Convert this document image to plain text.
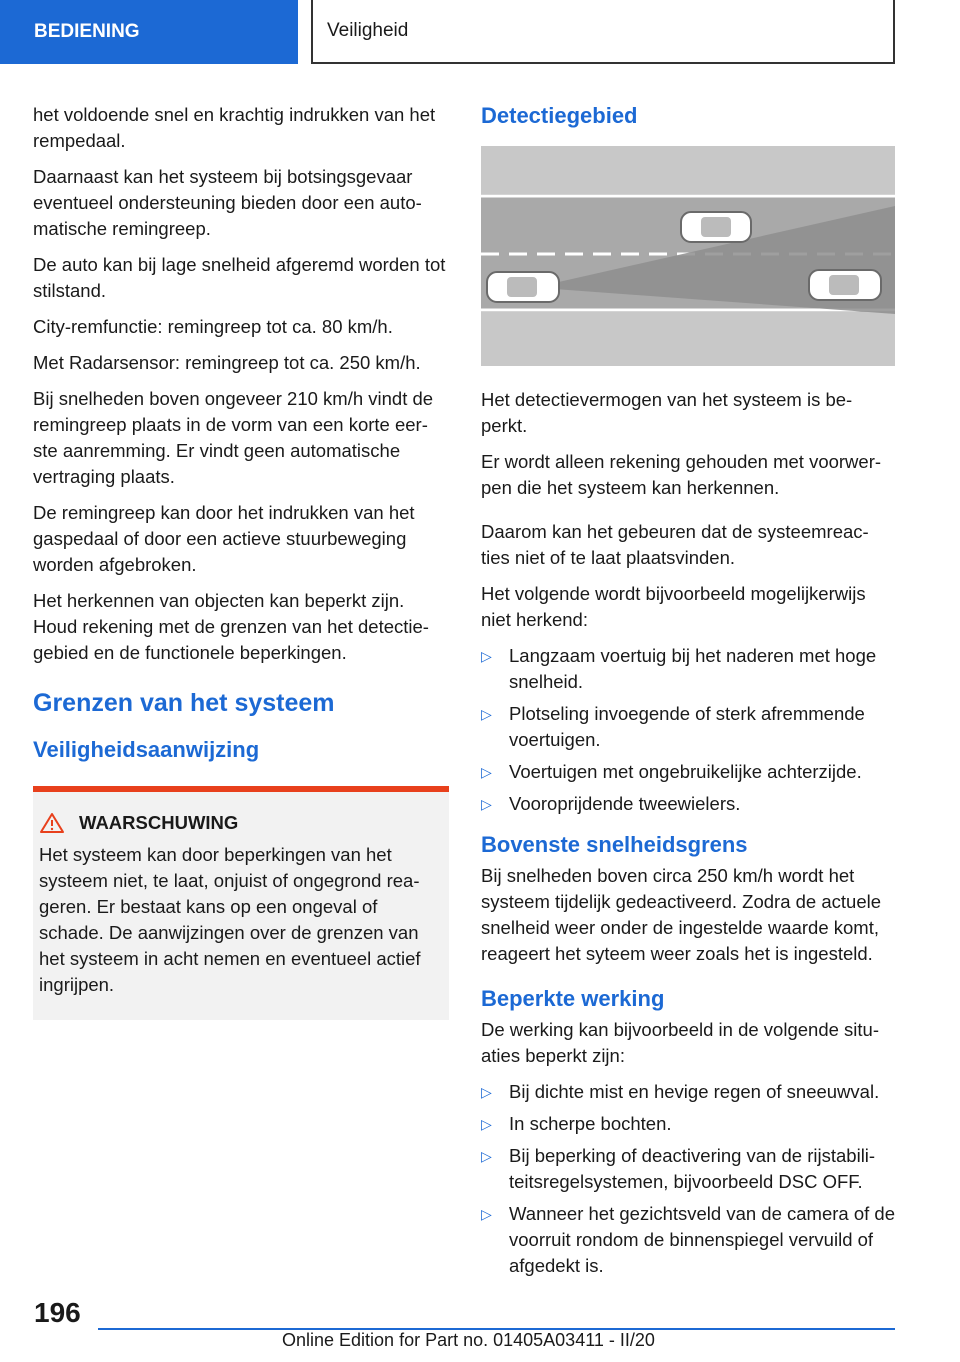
BEDIENING	Veiligheid

het voldoende snel en krachtig indrukken van het rempedaal.

Daarnaast kan het systeem bij botsingsgevaar eventueel ondersteuning bieden door een auto‐matische remingreep.

De auto kan bij lage snelheid afgeremd worden tot stilstand.

City-remfunctie: remingreep tot ca. 80 km/h.

Met Radarsensor: remingreep tot ca. 250 km/h.

Bij snelheden boven ongeveer 210 km/h vindt de remingreep plaats in de vorm van een korte eer‐ste aanremming. Er vindt geen automatische vertraging plaats.

De remingreep kan door het indrukken van het gaspedaal of door een actieve stuurbeweging worden afgebroken.

Het herkennen van objecten kan beperkt zijn. Houd rekening met de grenzen van het detectie‐gebied en de functionele beperkingen.

Grenzen van het systeem
Veiligheidsaanwijzing
WAARSCHUWING
Het systeem kan door beperkingen van het systeem niet, te laat, onjuist of ongegrond rea‐geren. Er bestaat kans op een ongeval of schade. De aanwijzingen over de grenzen van het systeem in acht nemen en eventueel actief ingrijpen.
Detectiegebied

Het detectievermogen van het systeem is be‐perkt.

Er wordt alleen rekening gehouden met voorwer‐pen die het systeem kan herkennen.

Daarom kan het gebeuren dat de systeemreac‐ties niet of te laat plaatsvinden.

Het volgende wordt bijvoorbeeld mogelijkerwijs niet herkend:

▷ Langzaam voertuig bij het naderen met hoge snelheid.
▷ Plotseling invoegende of sterk afremmende voertuigen.
▷ Voertuigen met ongebruikelijke achterzijde.
▷ Vooroprijdende tweewielers.
Bovenste snelheidsgrens

Bij snelheden boven circa 250 km/h wordt het systeem tijdelijk gedeactiveerd. Zodra de actuele snelheid weer onder de ingestelde waarde komt, reageert het syteem weer zoals het is ingesteld.

Beperkte werking

De werking kan bijvoorbeeld in de volgende situ‐aties beperkt zijn:

▷ Bij dichte mist en hevige regen of sneeuwval.
▷ In scherpe bochten.
▷ Bij beperking of deactivering van de rijstabili‐teitsregelsystemen, bijvoorbeeld DSC OFF.
▷ Wanneer het gezichtsveld van de camera of de voorruit rondom de binnenspiegel vervuild of afgedekt is.
196
Online Edition for Part no. 01405A03411 - II/20
